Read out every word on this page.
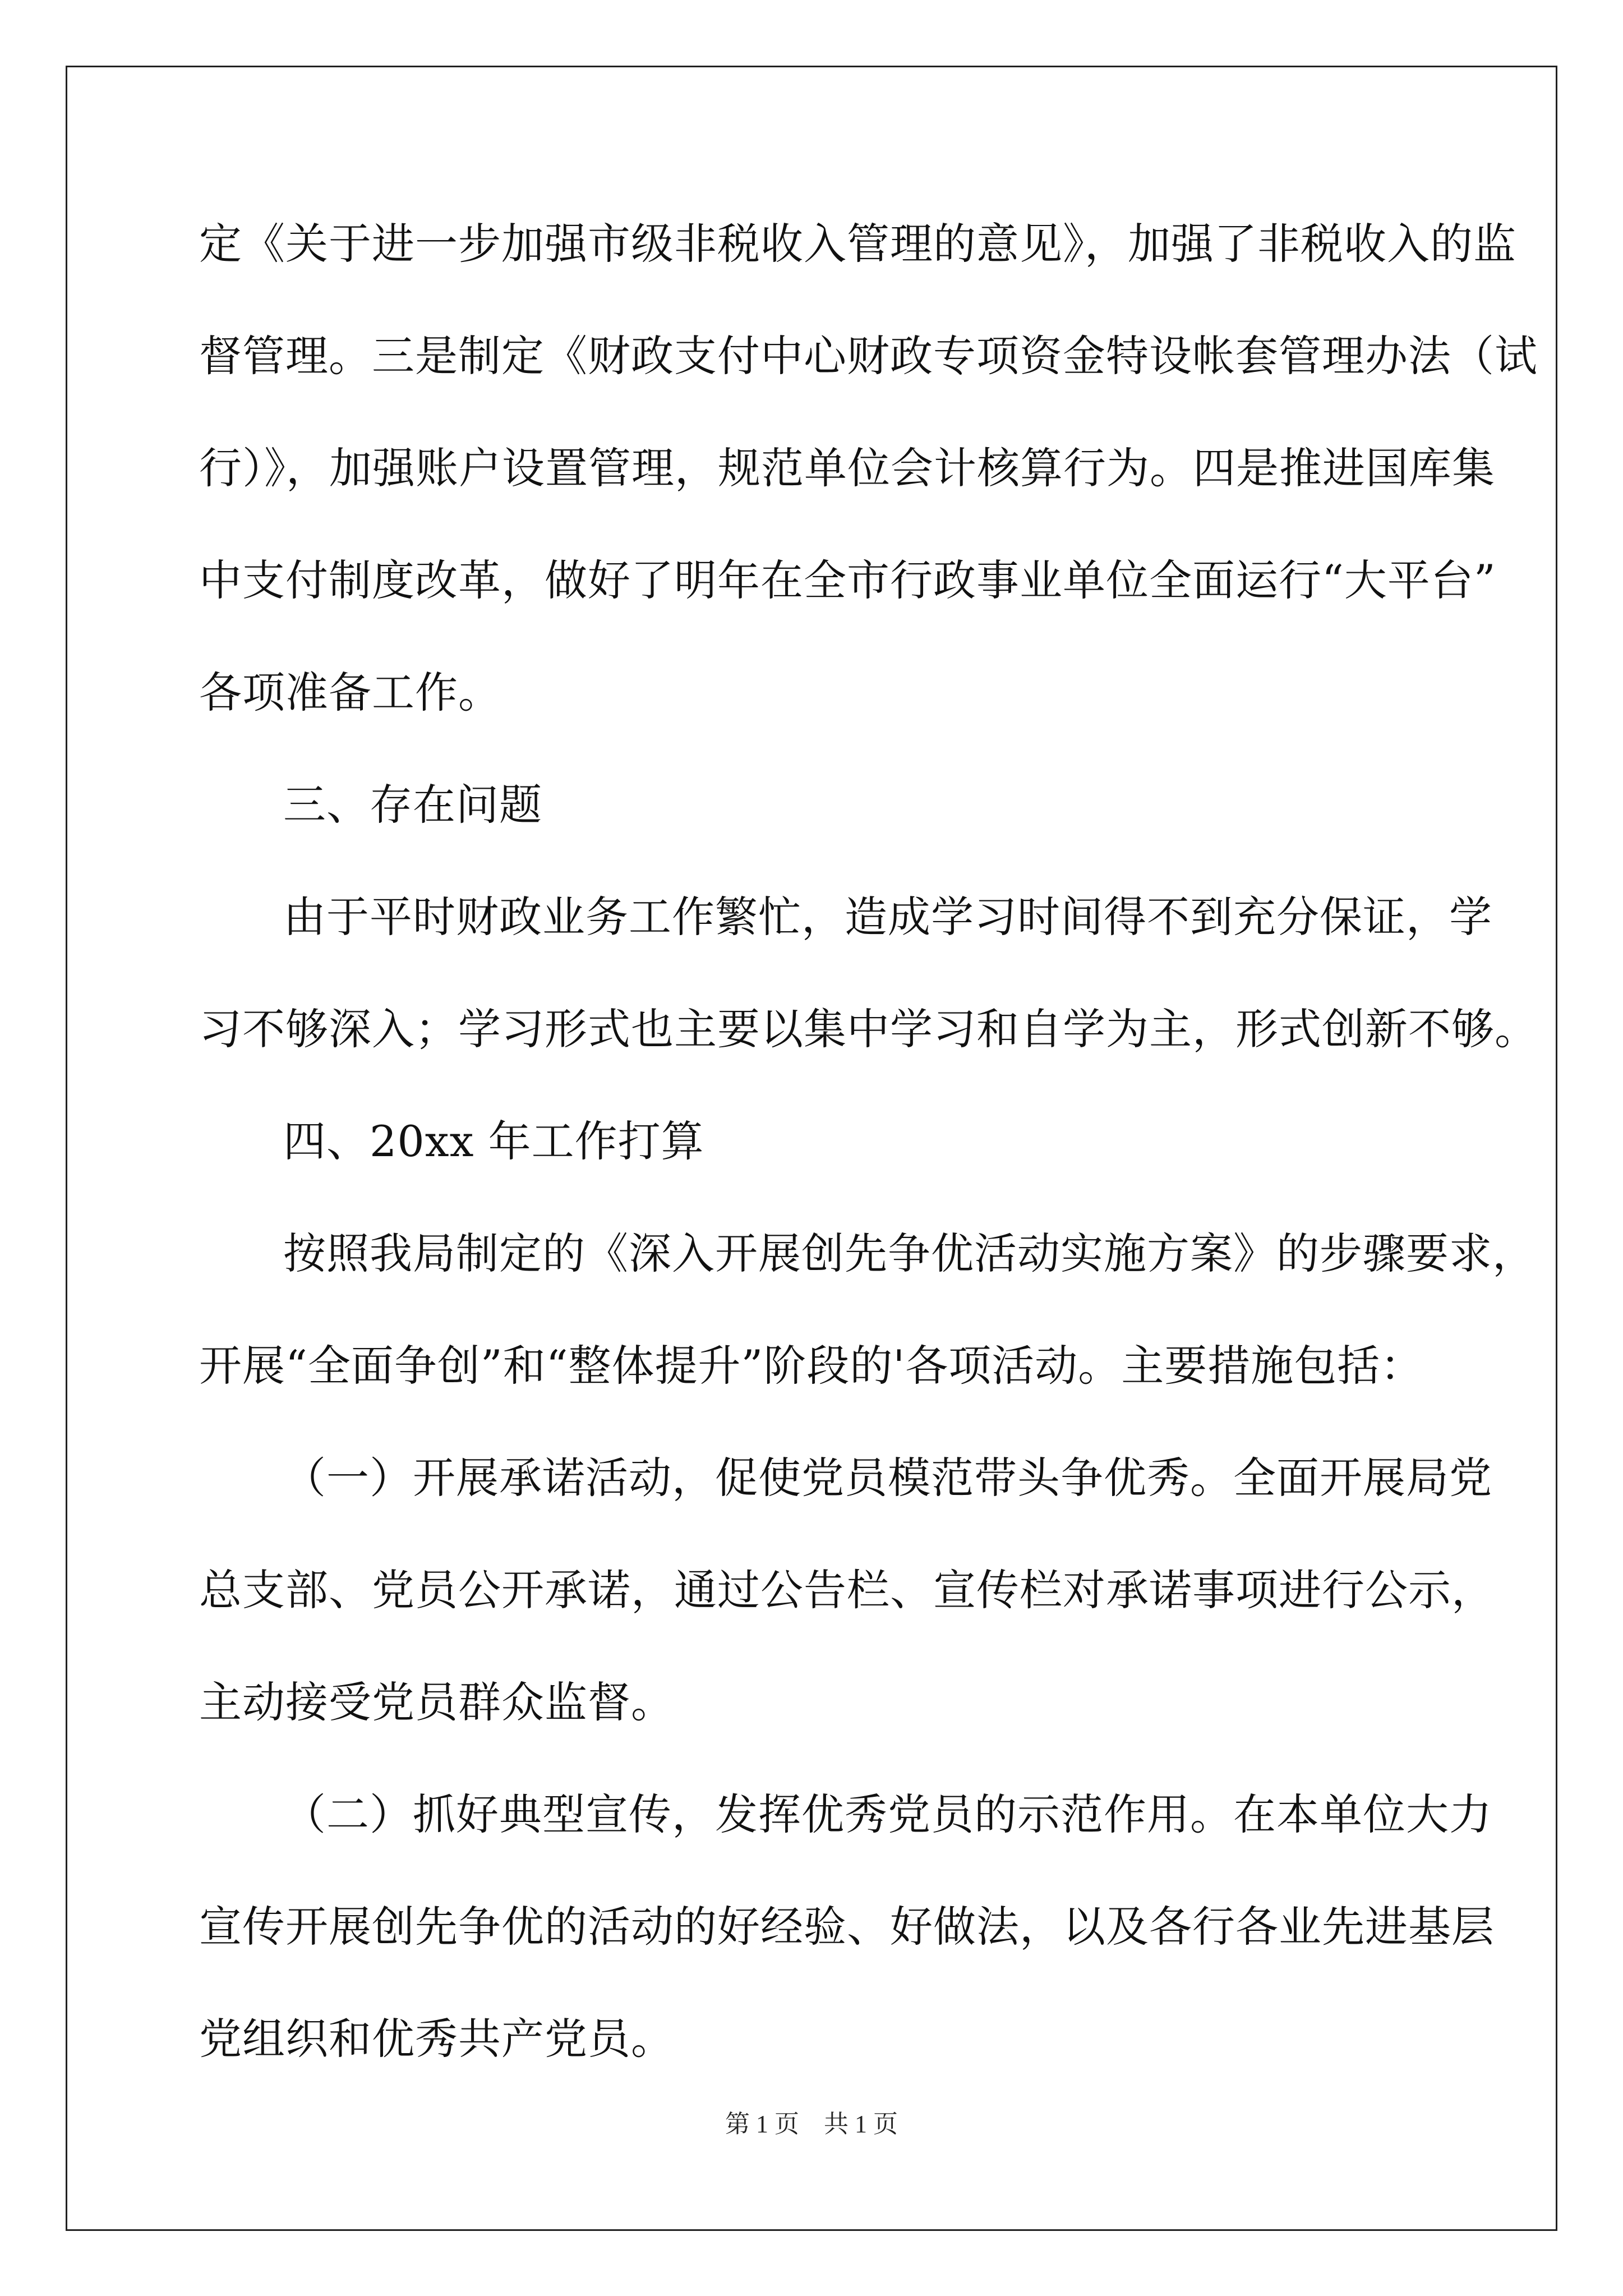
定《关于进一步加强市级非税收入管理的意见》，加强了非税收入的监
督管理。三是制定《财政支付中心财政专项资金特设帐套管理办法（试
行）》，加强账户设置管理，规范单位会计核算行为。四是推进国库集
中支付制度改革，做好了明年在全市行政事业单位全面运行“大平台”
各项准备工作。
三、存在问题
由于平时财政业务工作繁忙，造成学习时间得不到充分保证，学
习不够深入；学习形式也主要以集中学习和自学为主，形式创新不够。
四、20xx 年工作打算
按照我局制定的《深入开展创先争优活动实施方案》的步骤要求，
开展“全面争创”和“整体提升”阶段的'各项活动。主要措施包括：
（一）开展承诺活动，促使党员模范带头争优秀。全面开展局党
总支部、党员公开承诺，通过公告栏、宣传栏对承诺事项进行公示，
主动接受党员群众监督。
（二）抓好典型宣传，发挥优秀党员的示范作用。在本单位大力
宣传开展创先争优的活动的好经验、好做法，以及各行各业先进基层
党组织和优秀共产党员。
第 1 页　共 1 页
